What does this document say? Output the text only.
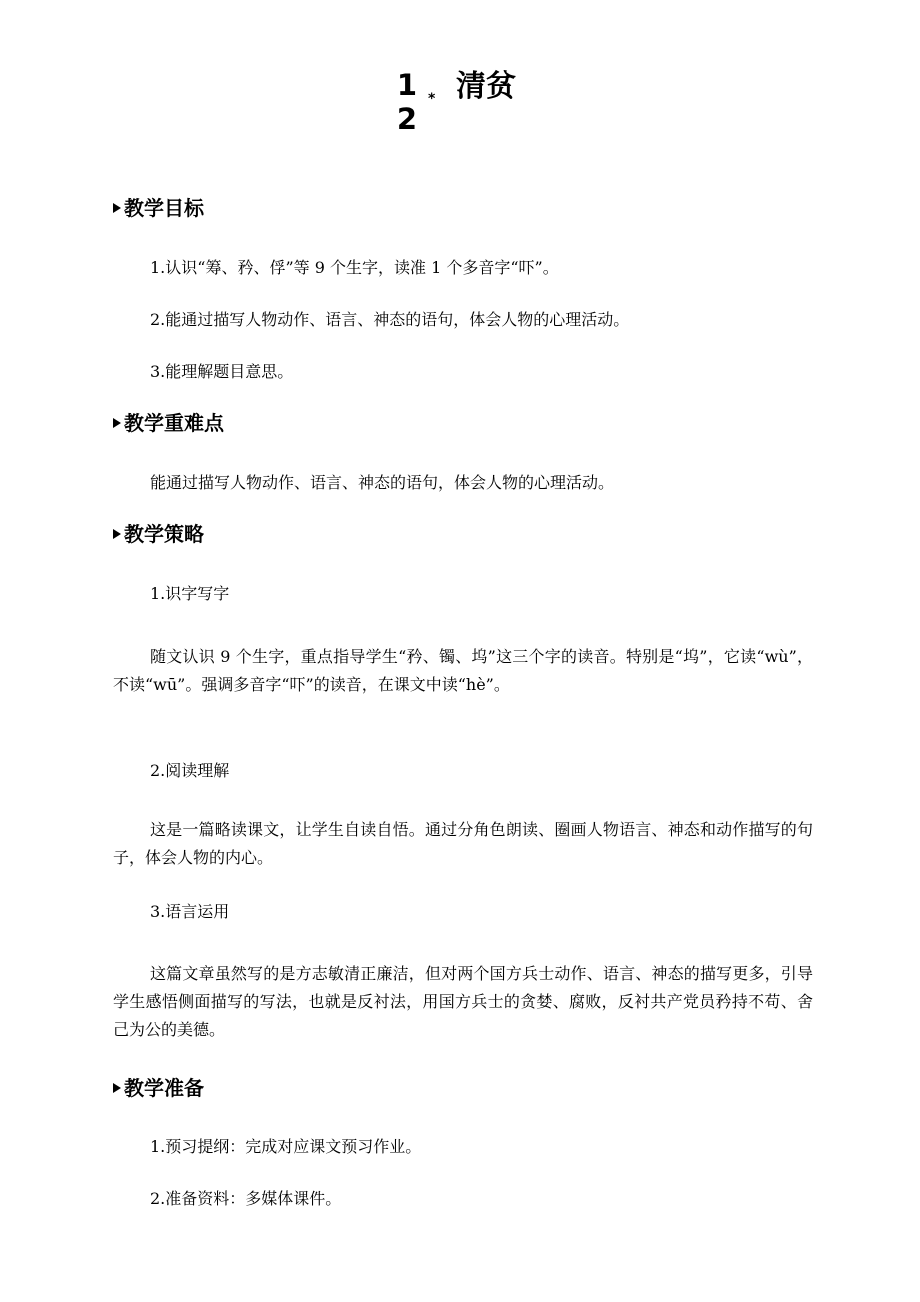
12
* 清贫
教学目标
1.认识“筹、矜、俘”等 9 个生字，读准 1 个多音字“吓”。
2.能通过描写人物动作、语言、神态的语句，体会人物的心理活动。
3.能理解题目意思。
教学重难点
能通过描写人物动作、语言、神态的语句，体会人物的心理活动。
教学策略
1.识字写字
随文认识 9 个生字，重点指导学生“矜、镯、坞”这三个字的读音。特别是“坞”，它读“wù”，不读“wū”。强调多音字“吓”的读音，在课文中读“hè”。
2.阅读理解
这是一篇略读课文，让学生自读自悟。通过分角色朗读、圈画人物语言、神态和动作描写的句子，体会人物的内心。
3.语言运用
这篇文章虽然写的是方志敏清正廉洁，但对两个国方兵士动作、语言、神态的描写更多，引导学生感悟侧面描写的写法，也就是反衬法，用国方兵士的贪婪、腐败，反衬共产党员矜持不苟、舍己为公的美德。
教学准备
1.预习提纲：完成对应课文预习作业。
2.准备资料：多媒体课件。
